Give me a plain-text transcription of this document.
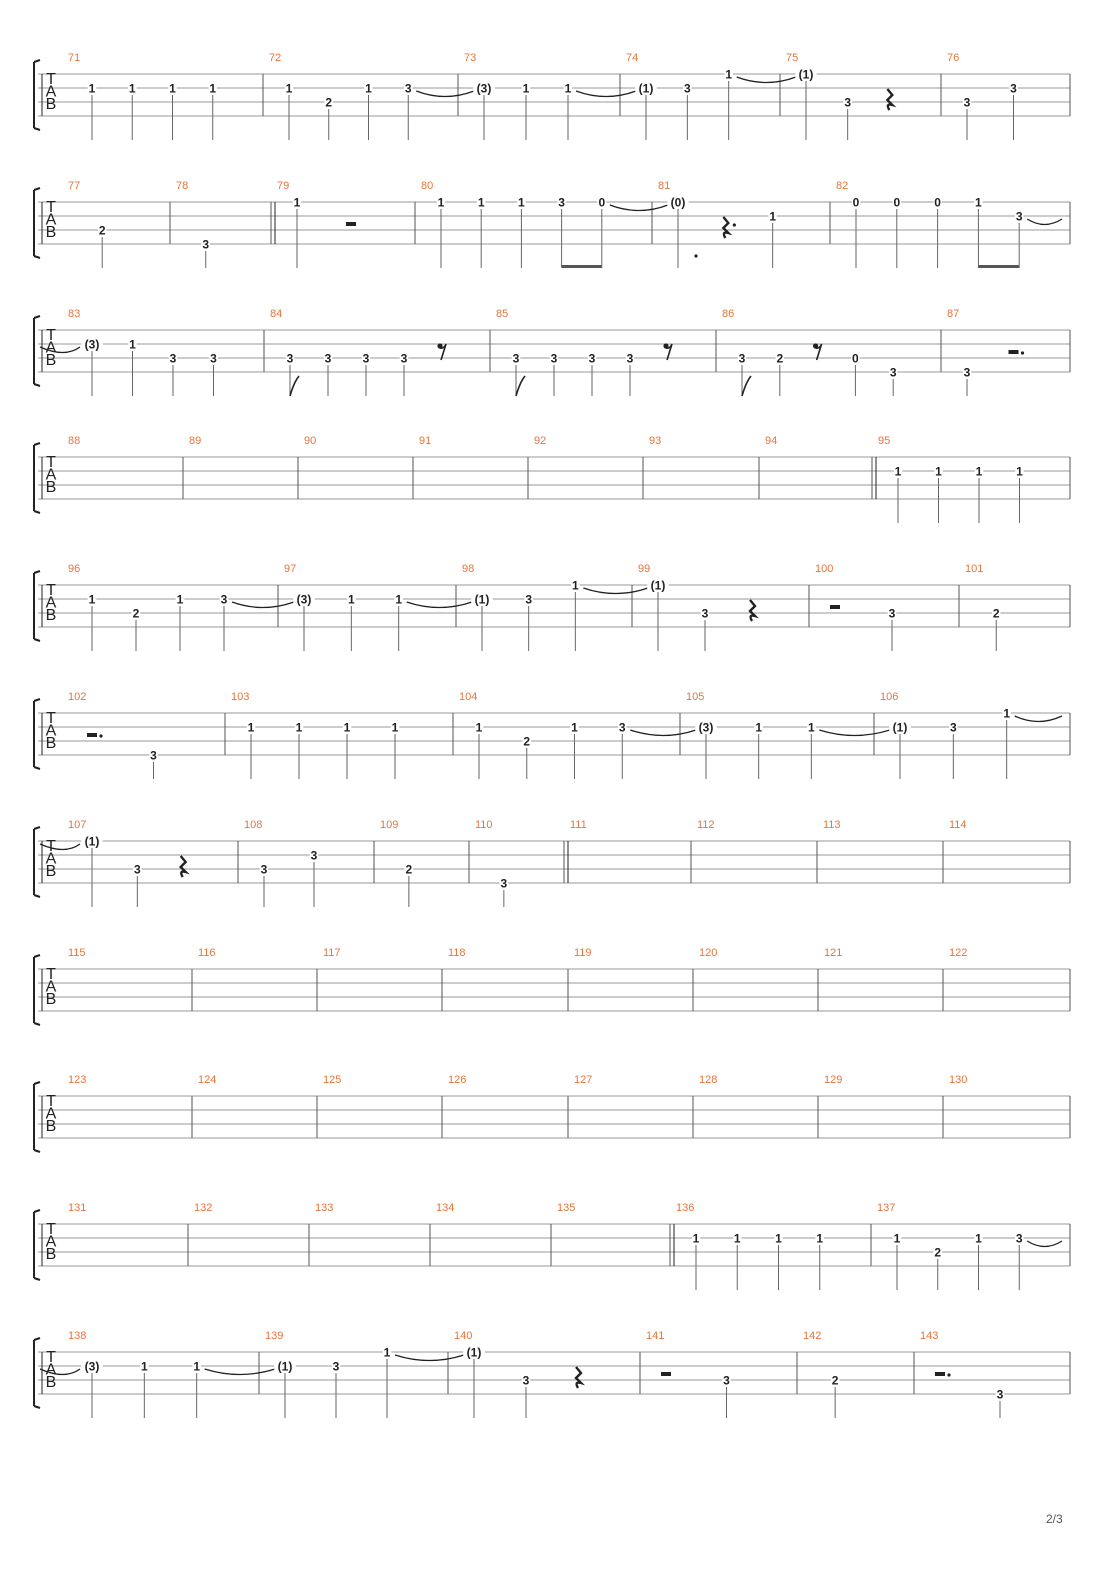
T
A
B
71
1	1	1	1
72
1
2
1	3
73
(3)	1	1
74
(1)	3
1
75
(1)
3
76
3
3
T
A
B
77
2
78
3
79
1
80
1	1	1	3	0
81
(0)
1
82
0	0	0	1
3
T
A
B
83
(3) 1
3	3
84
3	3	3	3
85
3	3	3	3
86
3	2	0
3
87
3
T
A
B
88	89	90	91	92	93	94	95
1	1	1	1
T
A
B
96
1
2
1	3
97
(3)	1	1
98
(1)	3
1
99
(1)
3
100
3
101
2
T
A
B
102
3
103
1	1	1	1
104
1
2
1	3
105
(3)	1	1
106
(1)	3
1
T
A
B
107
(1)
3
108
3
3
109
2
110
3
111	112	113	114
T
A
B
115	116	117	118	119	120	121	122
T
A
B
123	124	125	126	127	128	129	130
T
A
B
131	132	133	134	135	136
1	1	1	1
137
1
2
1	3
T
A
B
138
(3)	1	1
139
(1)	3
1
140
(1)
3
141
3
142
2
143
3
2/3
